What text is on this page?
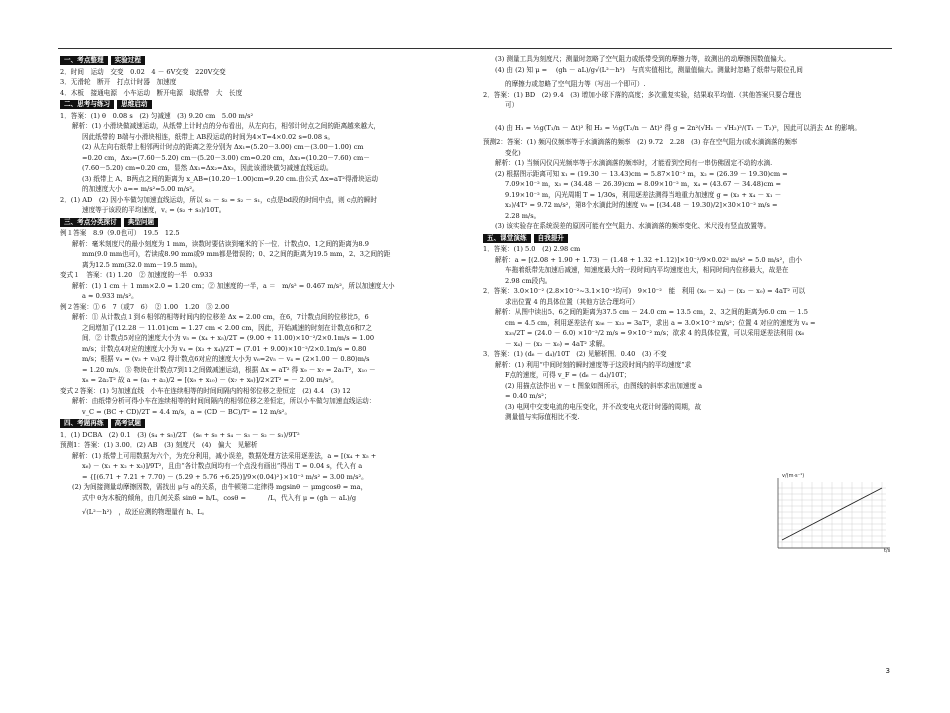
一、考点整理 实验过程
2．时间　运动　交变　0.02　4 － 6V交变　220V交变
3．无滑轮　断开　打点计时器　加速度
4．木板　接通电源　小车运动　断开电源　取纸带　大　长度
二、思考与练习 思维启动
1．答案：(1) θ　0.08 s　(2) 匀减速　(3) 9.20 cm　5.00 m/s²
解析：(1) 小滑块做减速运动，从纸带上计时点的分布看出，从左向右，相邻计时点之间的距离越来越大，
因此纸带的 B端与小滑块相连，纸带上 AB段运动的时间为4×T=4×0.02 s=0.08 s。
(2) 从左向右纸带上相邻两计时点的距离之差分别为 Δx₁=(5.20－3.00) cm－(3.00－1.00) cm
=0.20 cm，Δx₂=(7.60－5.20) cm－(5.20－3.00) cm=0.20 cm，Δx₃=(10.20－7.60) cm－
(7.60－5.20) cm=0.20 cm，显然 Δx₁=Δx₂=Δx₃，因此该滑块做匀减速直线运动。
(3) 纸带上 A、B两点之间的距离为 x_AB=(10.20－1.00)cm=9.20 cm.由公式 Δx=aT²得滑块运动
的加速度大小 a== m/s²=5.00 m/s²。
2．(1) AD　(2) 因小车做匀加速直线运动，所以 s₃ － s₂ = s₂ － s₁，c点是bd段的时间中点，则 c点的瞬时
速度等于该段的平均速度，v꜀ = (s₂ + s₃)/10T。
三、考点分类探讨 典型问题
例１答案　8.9（9.0也可）　19.5　12.5
解析：毫米刻度尺的最小刻度为 1 mm，读数时要估读到毫米的下一位．计数点0、1之间的距离为8.9
mm(9.0 mm也可)，若读成8.90 mm或9 mm都是错误的；0、2之间的距离为19.5 mm，2、3之间的距
离为12.5 mm(32.0 mm－19.5 mm)。
变式１　答案：(1) 1.20　② 加速度的一半　0.933
解析：(1) 1 cm ＋ 1 mm×2.0 = 1.20 cm；② 加速度的一半，a ＝　m/s² = 0.467 m/s²，所以加速度大小
a ≈ 0.933 m/s²。
例２答案：① 6　7（或7　6）　② 1.00　1.20　③ 2.00
解析：① 从计数点１到６相邻的相等时间内的位移差 Δx ≈ 2.00 cm，在6，7计数点间的位移比5，6
之间增加了(12.28 － 11.01)cm = 1.27 cm < 2.00 cm，因此，开始减速的时刻在计数点6和7之
间．② 计数点5对应的速度大小为 v₅ = (x₄ + x₅)/2T = (9.00 + 11.00)×10⁻²/2×0.1m/s = 1.00
m/s；计数点4对应的速度大小为 v₄ = (x₃ + x₄)/2T = (7.01 + 9.00)×10⁻²/2×0.1m/s = 0.80
m/s；根据 v₄ = (v₃ + v₅)/2 得计数点6对应的速度大小为 v₆=2v₅ － v₄ = (2×1.00 － 0.80)m/s
= 1.20 m/s．③ 物块在计数点7到11之间做减速运动，根据 Δx = aT² 得 x₉ － x₇ = 2a₁T²，x₁₀ －
x₈ = 2a₂T² 故 a = (a₁ + a₂)/2 = [(x₉ + x₁₀) － (x₇ + x₈)]/2×2T² = － 2.00 m/s²。
变式２答案：(1) 匀加速直线　小车在连续相等的时间间隔内的相邻位移之差恒定　(2) 4.4　(3) 12
解析：由纸带分析可得小车在连续相等的时间间隔内的相邻位移之差恒定，所以小车做匀加速直线运动：
v_C = (BC + CD)/2T = 4.4 m/s，a = (CD － BC)/T² = 12 m/s²。
四、考题再练 高考试题
1．(1) DCBA　(2) 0.1　(3) (s₄ + s₅)/2T　(s₆ + s₅ + s₄ － s₃ － s₂ － s₁)/9T²
预测1：答案：(1) 3.00．(2) AB　(3) 刻度尺　(4)　偏大　见解析
解析：(1) 纸带上可用数据为六个，为充分利用，减小误差，数据处理方法采用逐差法，a = [(x₄ + x₅ +
x₆) － (x₁ + x₂ + x₃)]/9T²，且由“各计数点间均有一个点没有画出”得出 T = 0.04 s，代入有 a
= {[(6.71 + 7.21 + 7.70) － (5.29 + 5.76 +6.25)]/9×(0.04)²}×10⁻² m/s² = 3.00 m/s²。
(2) 为间接测量动摩擦因数，需找出 μ与 a的关系，由牛顿第二定律得 mgsinθ － μmgcosθ = ma，
式中 θ为木板的倾角，由几何关系 sinθ = h/L，cosθ = 　　　/L，代入有 μ = (gh － aL)/g
√(L²－h²)　，故还应测的物理量有 h、L。
(3) 测量工具为刻度尺；测量时忽略了空气阻力或纸带受到的摩擦力等，故测出的动摩擦因数值偏大。
(4) 由 (2) 知 μ = 　(gh － aL)/g√(L²－h²)　与真实值相比，测量值偏大。测量时忽略了纸带与限位孔间
的摩擦力或忽略了空气阻力等（写出一个即可）.
2．答案：(1) BD　(2) 9.4　(3) 增加小球下落的高度；多次重复实验，结果取平均值.（其他答案只要合理也
可）
(4) 由 H₁ = ½g(T₁/n － Δt)² 和 H₂ = ½g(T₂/n － Δt)² 得 g = 2n²(√H₁ － √H₂)²/(T₁ － T₂)²，因此可以消去 Δt 的影响。
预测2：答案：(1) 频闪仪频率等于水滴滴落的频率　(2) 9.72　2.28　(3) 存在空气阻力(或水滴滴落的频率
变化)
解析：(1) 当频闪仪闪光频率等于水滴滴落的频率时，才能看到空间有一串仿佛固定不动的水滴.
(2) 根据图示距离可知 x₁ = (19.30 － 13.43)cm = 5.87×10⁻² m，x₂ = (26.39 － 19.30)cm =
7.09×10⁻² m，x₃ = (34.48 － 26.39)cm = 8.09×10⁻² m，x₄ = (43.67 － 34.48)cm =
9.19×10⁻² m，闪光周期 T = 1/30s，利用逐差法测得当地重力加速度 g = (x₃ + x₄ － x₁ －
x₂)/4T² = 9.72 m/s²，第8个水滴此时的速度 v₈ = [(34.48 － 19.30)/2]×30×10⁻² m/s =
2.28 m/s。
(3) 该实验存在系统误差的原因可能有空气阻力、水滴滴落的频率变化、米尺没有竖直放置等。
五、课堂演练 自我提升
1．答案：(1) 5.0　(2) 2.98 cm
解析：a = [(2.08 + 1.90 + 1.73) － (1.48 + 1.32 +1.12)]×10⁻²/9×0.02² m/s² = 5.0 m/s²，由小
车拖着纸带先加速后减速，知速度最大的一段时间内平均速度也大，相同时间内位移最大，故是在
2.98 cm段内。
2．答案：3.0×10⁻² (2.8×10⁻²~3.1×10⁻²均可)　9×10⁻²　能　利用 (x₆ － x₄) － (x₂ － x₀) = 4aT² 可以
求出位置 4 的具体位置（其他方法合理均可）
解析：从图中读出5、6之间的距离为37.5 cm － 24.0 cm = 13.5 cm，2、3之间的距离为6.0 cm － 1.5
cm = 4.5 cm，利用逐差法有 x₅₆ － x₂₃ = 3aT²，求出 a = 3.0×10⁻² m/s²；位置 4 对应的速度为 v₄ =
x₃₅/2T = (24.0 － 6.0) ×10⁻²/2 m/s = 9×10⁻² m/s；欲求 4 的具体位置，可以采用逐差法利用 (x₆
－ x₄) － (x₂ － x₀) = 4aT² 求解。
3．答案：(1) (d₆ － d₄)/10T　(2) 见解析图．0.40　(3) 不变
解析：(1) 利用“中间时刻的瞬时速度等于这段时间内的平均速度”求
F点的速度，可得 v_F = (d₆ － d₄)/10T；
(2) 用描点法作出 v － t 图象如图所示，由图线的斜率求出加速度 a
= 0.40 m/s²；
(3) 电网中交变电流的电压变化，并不改变电火花计时器的周期，故
测量值与实际值相比不变.
v/(m·s⁻¹)
t/s
3
